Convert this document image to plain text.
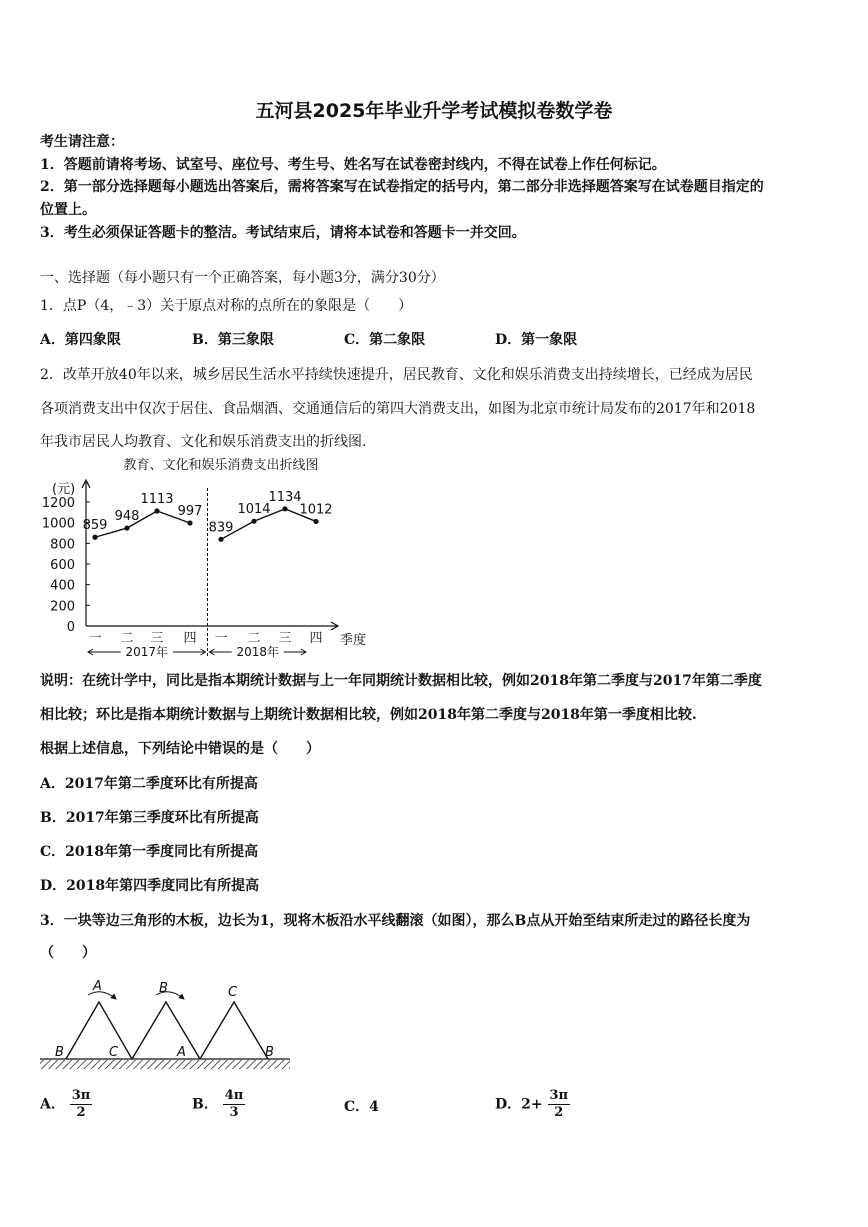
五河县2025年毕业升学考试模拟卷数学卷
考生请注意：
1．答题前请将考场、试室号、座位号、考生号、姓名写在试卷密封线内，不得在试卷上作任何标记。
2．第一部分选择题每小题选出答案后，需将答案写在试卷指定的括号内，第二部分非选择题答案写在试卷题目指定的
位置上。
3．考生必须保证答题卡的整洁。考试结束后，请将本试卷和答题卡一并交回。
一、选择题（每小题只有一个正确答案，每小题3分，满分30分）
1．点P（4，﹣3）关于原点对称的点所在的象限是（　　）
A．第四象限	B．第三象限	C．第二象限	D．第一象限
2．改革开放40年以来，城乡居民生活水平持续快速提升，居民教育、文化和娱乐消费支出持续增长，已经成为居民
各项消费支出中仅次于居住、食品烟酒、交通通信后的第四大消费支出，如图为北京市统计局发布的2017年和2018
年我市居民人均教育、文化和娱乐消费支出的折线图.
教育、文化和娱乐消费支出折线图
(元)
0
200
400
600
800
1000
1200
一 二 三 四 一 二 三 四 季度
2017年	2018年
859
948
1113
997
839
1014
1134
1012
说明：在统计学中，同比是指本期统计数据与上一年同期统计数据相比较，例如2018年第二季度与2017年第二季度
相比较；环比是指本期统计数据与上期统计数据相比较，例如2018年第二季度与2018年第一季度相比较.
根据上述信息，下列结论中错误的是（　　）
A．2017年第二季度环比有所提高
B．2017年第三季度环比有所提高
C．2018年第一季度同比有所提高
D．2018年第四季度同比有所提高
3．一块等边三角形的木板，边长为1，现将木板沿水平线翻滚（如图），那么B点从开始至结束所走过的路径长度为
（　　）
A	B	C
B	C	A	B
A． $\frac{3\pi}{2}$	B． $\frac{4\pi}{3}$	C．4	D．$2+ \frac{3\pi}{2}$
